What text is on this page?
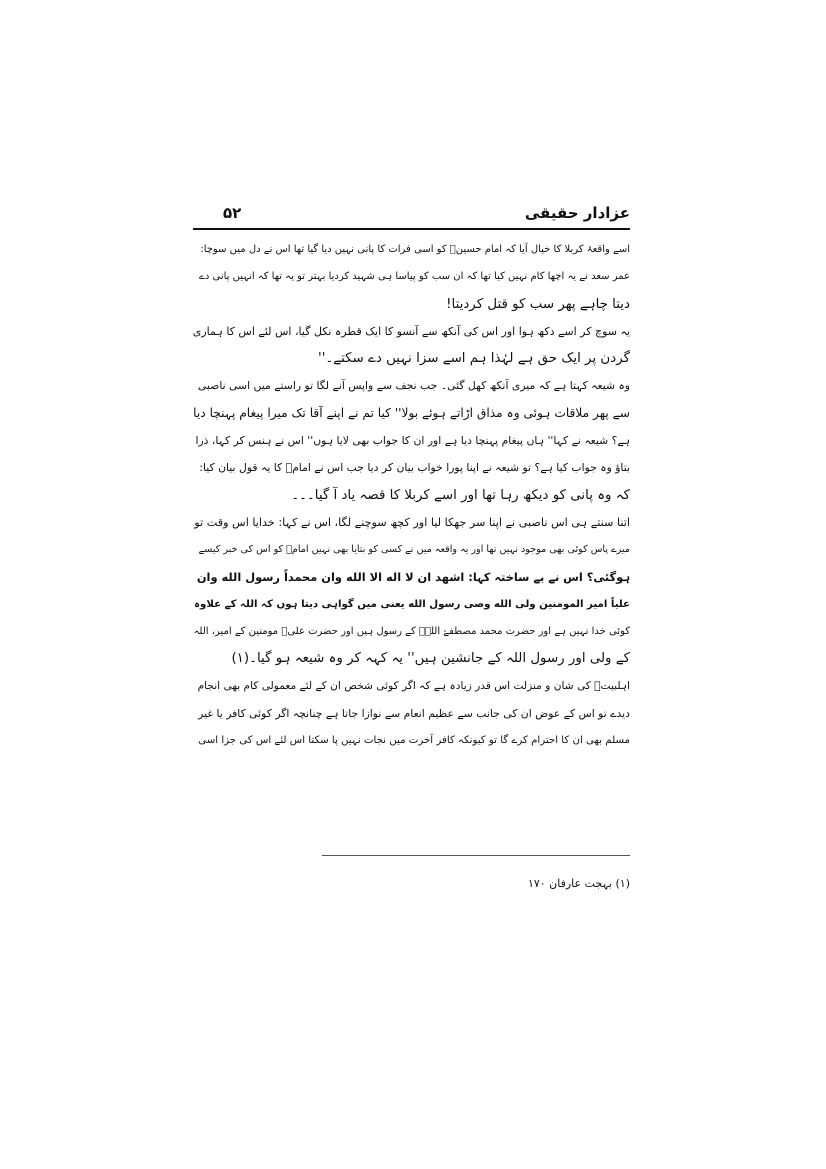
عزادار حقیقی
۵۲
اسے واقعۂ کربلا کا خیال آیا کہ امام حسینؑ کو اسی فرات کا پانی نہیں دیا گیا تھا اس نے دل میں سوچا:
عمر سعد نے یہ اچھا کام نہیں کیا تھا کہ ان سب کو پیاسا ہی شہید کردیا بہتر تو یہ تھا کہ انہیں پانی دے
دیتا چاہے پھر سب کو قتل کردیتا!
یہ سوچ کر اسے دکھ ہوا اور اس کی آنکھ سے آنسو کا ایک قطرہ نکل گیا، اس لئے اس کا ہماری
گردن پر ایک حق ہے لہٰذا ہم اسے سزا نہیں دے سکتے۔''
وہ شیعہ کہتا ہے کہ میری آنکھ کھل گئی۔ جب نجف سے واپس آنے لگا تو راستے میں اسی ناصبی
سے پھر ملاقات ہوئی وہ مذاق اڑاتے ہوئے بولا'' کیا تم نے اپنے آقا تک میرا پیغام پہنچا دیا
ہے؟ شیعہ نے کہا'' ہاں پیغام پہنچا دیا ہے اور ان کا جواب بھی لایا ہوں'' اس نے ہنس کر کہا، ذرا
بتاؤ وہ جواب کیا ہے؟ تو شیعہ نے اپنا پورا خواب بیان کر دیا جب اس نے امامؑ کا یہ قول بیان کیا:
کہ وہ پانی کو دیکھ رہا تھا اور اسے کربلا کا قصہ یاد آ گیا۔۔۔
اتنا سنتے ہی اس ناصبی نے اپنا سر جھکا لیا اور کچھ سوچنے لگا، اس نے کہا: خدایا اس وقت تو
میرے پاس کوئی بھی موجود نہیں تھا اور یہ واقعہ میں نے کسی کو بتایا بھی نہیں امامؑ کو اس کی خبر کیسے
ہوگئی؟ اس نے بے ساختہ کہا: اشهد ان لا اله الا الله وان محمداً رسول الله وان
علياً امير المومنين ولى الله وصى رسول الله یعنی میں گواہی دیتا ہوں کہ اللہ کے علاوہ
کوئی خدا نہیں ہے اور حضرت محمد مصطفےٰ اللہؐ کے رسول ہیں اور حضرت علیؑ مومنین کے امیر، اللہ
کے ولی اور رسول اللہ کے جانشین ہیں'' یہ کہہ کر وہ شیعہ ہو گیا۔(۱)
اہلبیتؑ کی شان و منزلت اس قدر زیادہ ہے کہ اگر کوئی شخص ان کے لئے معمولی کام بھی انجام
دیدے تو اس کے عوض ان کی جانب سے عظیم انعام سے نوازا جاتا ہے چنانچہ اگر کوئی کافر یا غیر
مسلم بھی ان کا احترام کرے گا تو کیونکہ کافر آخرت میں نجات نہیں پا سکتا اس لئے اس کی جزا اسی
(۱) بہجت عارفان ۱۷۰
